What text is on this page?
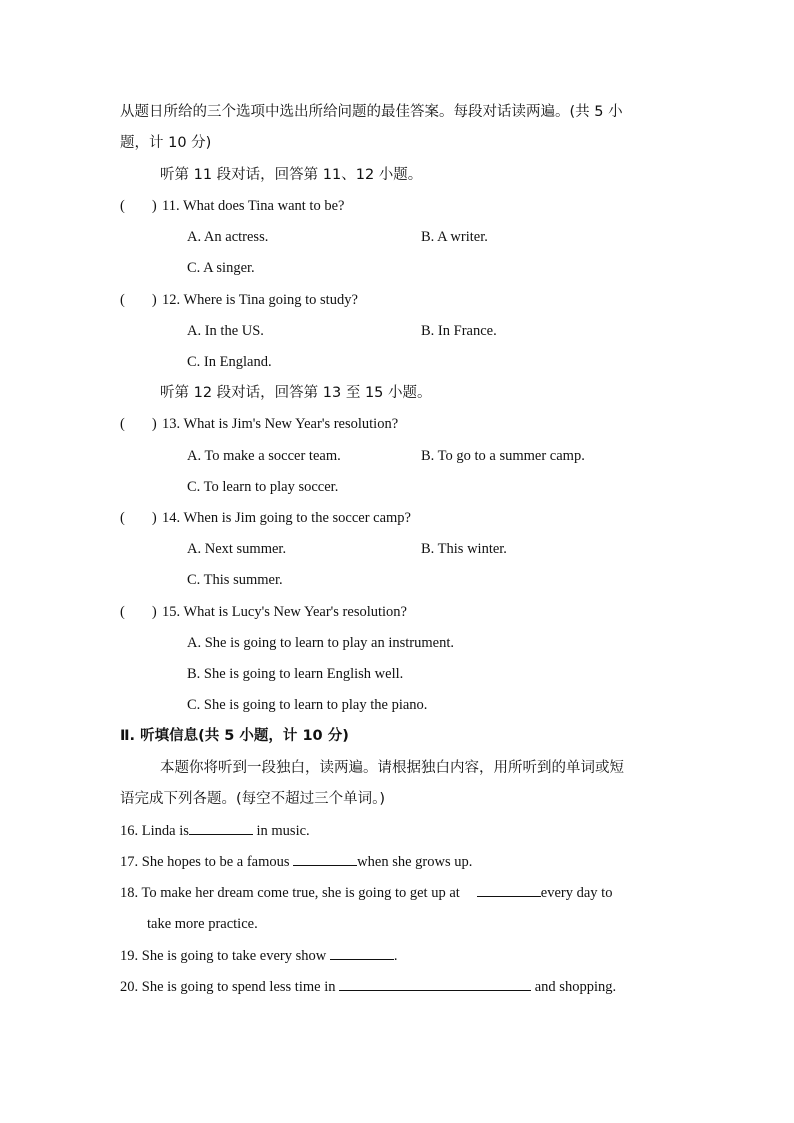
从题日所给的三个选项中选出所给问题的最佳答案。每段对话读两遍。(共 5 小
题，计 10 分)
听第 11 段对话，回答第 11、12 小题。
( ) 11. What does Tina want to be?
A. An actress.	B. A writer.
C. A singer.
( ) 12. Where is Tina going to study?
A. In the US.	B. In France.
C. In England.
听第 12 段对话，回答第 13 至 15 小题。
( ) 13. What is Jim's New Year's resolution?
A. To make a soccer team.	B. To go to a summer camp.
C. To learn to play soccer.
( ) 14. When is Jim going to the soccer camp?
A. Next summer.	B. This winter.
C. This summer.
( ) 15. What is Lucy's New Year's resolution?
A. She is going to learn to play an instrument.
B. She is going to learn English well.
C. She is going to learn to play the piano.
Ⅱ. 听填信息(共 5 小题，计 10 分)
本题你将听到一段独白，读两遍。请根据独白内容，用所听到的单词或短
语完成下列各题。(每空不超过三个单词。)
16. Linda is	in music.
17. She hopes to be a famous	when she grows up.
18. To make her dream come true, she is going to get up at	every day to
take more practice.
19. She is going to take every show	.
20. She is going to spend less time in	and shopping.
